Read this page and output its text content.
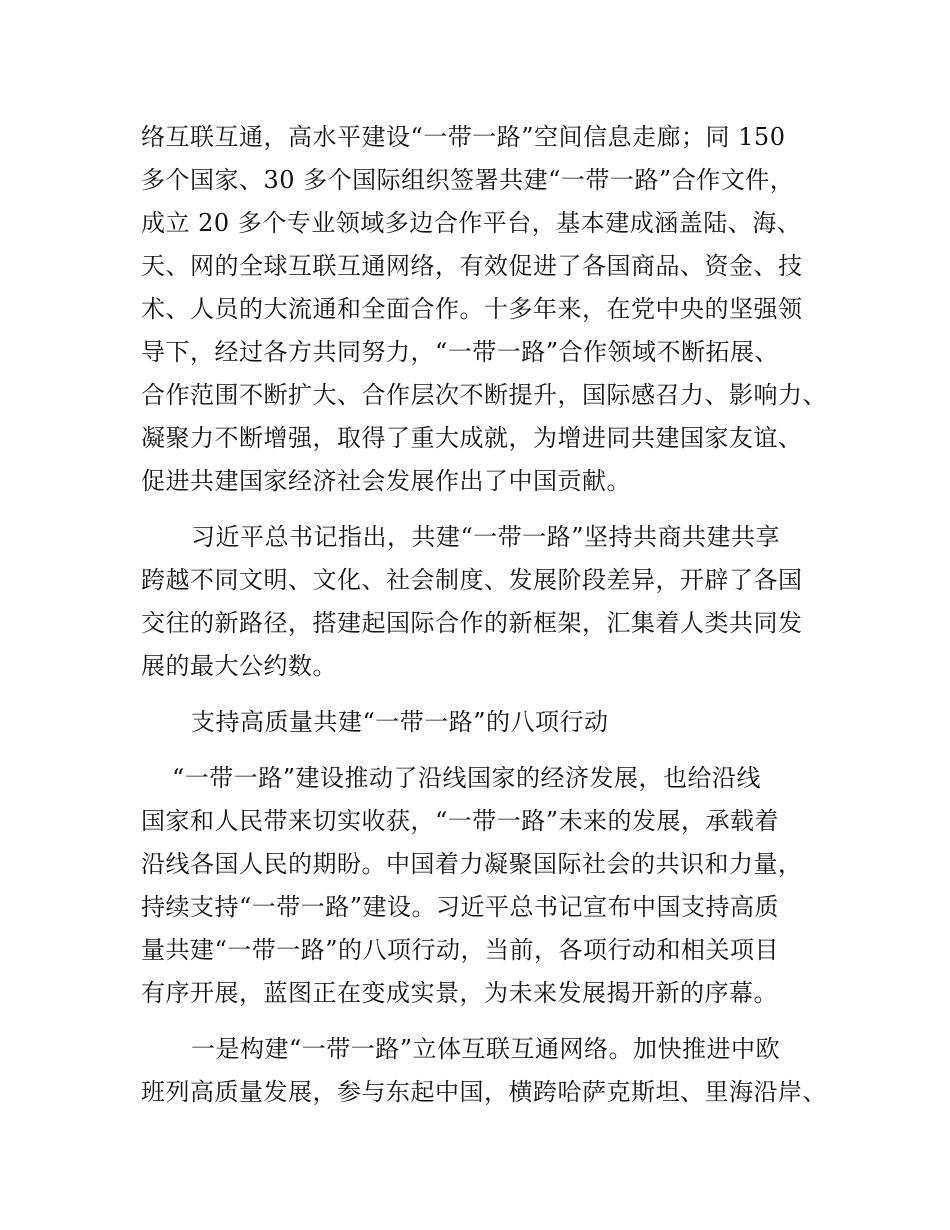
络互联互通，高水平建设“一带一路”空间信息走廊；同 150
多个国家、30 多个国际组织签署共建“一带一路”合作文件，
成立 20 多个专业领域多边合作平台，基本建成涵盖陆、海、
天、网的全球互联互通网络，有效促进了各国商品、资金、技
术、人员的大流通和全面合作。十多年来，在党中央的坚强领
导下，经过各方共同努力，“一带一路”合作领域不断拓展、
合作范围不断扩大、合作层次不断提升，国际感召力、影响力、
凝聚力不断增强，取得了重大成就，为增进同共建国家友谊、
促进共建国家经济社会发展作出了中国贡献。
习近平总书记指出，共建“一带一路”坚持共商共建共享
跨越不同文明、文化、社会制度、发展阶段差异，开辟了各国
交往的新路径，搭建起国际合作的新框架，汇集着人类共同发
展的最大公约数。
支持高质量共建“一带一路”的八项行动
“一带一路”建设推动了沿线国家的经济发展，也给沿线
国家和人民带来切实收获，“一带一路”未来的发展，承载着
沿线各国人民的期盼。中国着力凝聚国际社会的共识和力量，
持续支持“一带一路”建设。习近平总书记宣布中国支持高质
量共建“一带一路”的八项行动，当前，各项行动和相关项目
有序开展，蓝图正在变成实景，为未来发展揭开新的序幕。
一是构建“一带一路”立体互联互通网络。加快推进中欧
班列高质量发展，参与东起中国，横跨哈萨克斯坦、里海沿岸、
